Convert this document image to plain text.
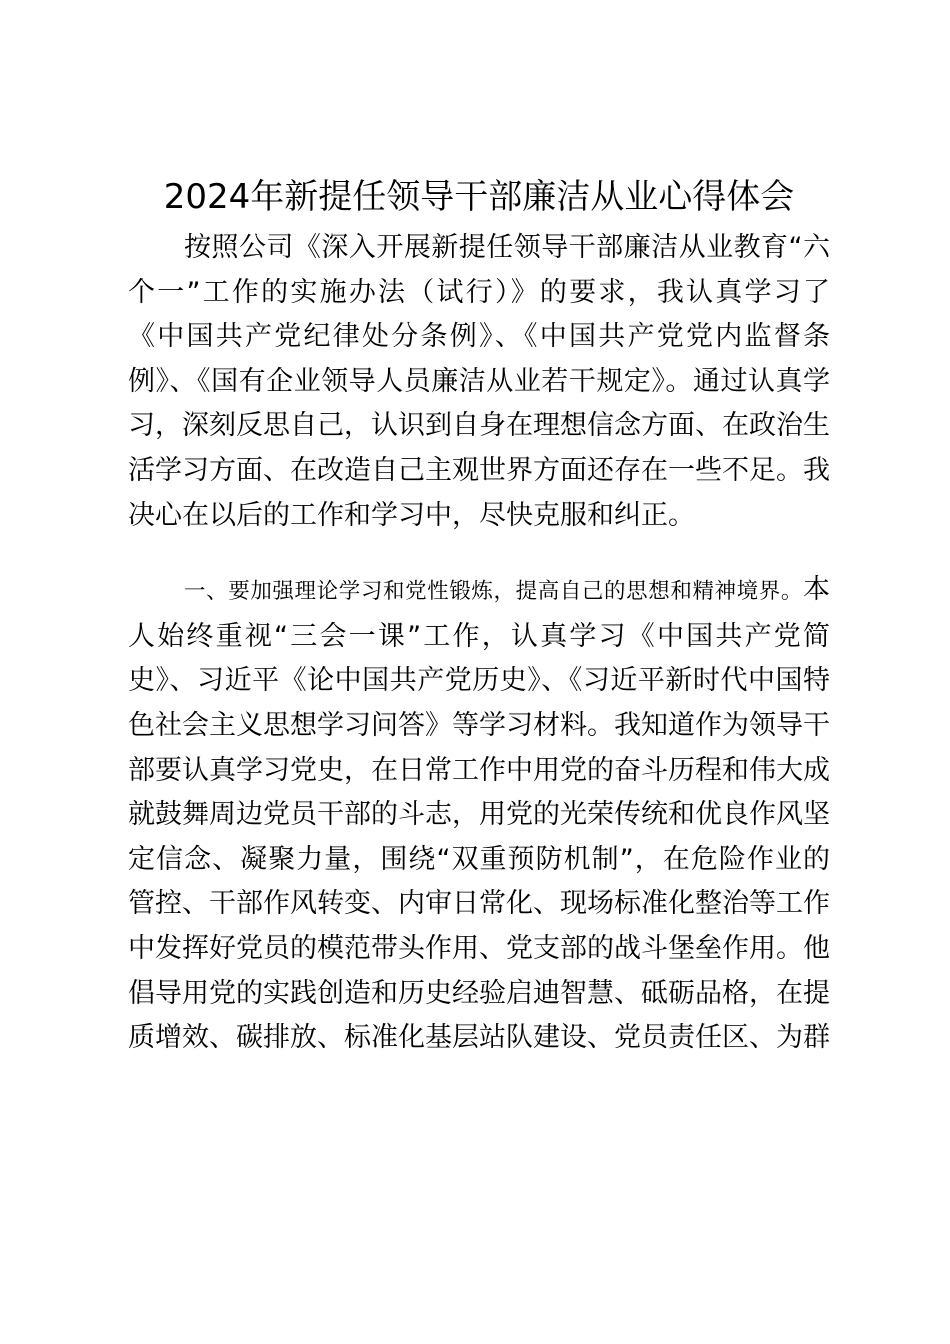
2024年新提任领导干部廉洁从业心得体会

按照公司《深入开展新提任领导干部廉洁从业教育“六个一”工作的实施办法（试行）》的要求，我认真学习了《中国共产党纪律处分条例》、《中国共产党党内监督条例》、《国有企业领导人员廉洁从业若干规定》。通过认真学习，深刻反思自己，认识到自身在理想信念方面、在政治生活学习方面、在改造自己主观世界方面还存在一些不足。我决心在以后的工作和学习中，尽快克服和纠正。

一、要加强理论学习和党性锻炼，提高自己的思想和精神境界。本人始终重视“三会一课”工作，认真学习《中国共产党简史》、习近平《论中国共产党历史》、《习近平新时代中国特色社会主义思想学习问答》等学习材料。我知道作为领导干部要认真学习党史，在日常工作中用党的奋斗历程和伟大成就鼓舞周边党员干部的斗志，用党的光荣传统和优良作风坚定信念、凝聚力量，围绕“双重预防机制”，在危险作业的管控、干部作风转变、内审日常化、现场标准化整治等工作中发挥好党员的模范带头作用、党支部的战斗堡垒作用。他倡导用党的实践创造和历史经验启迪智慧、砥砺品格，在提质增效、碳排放、标准化基层站队建设、党员责任区、为群
